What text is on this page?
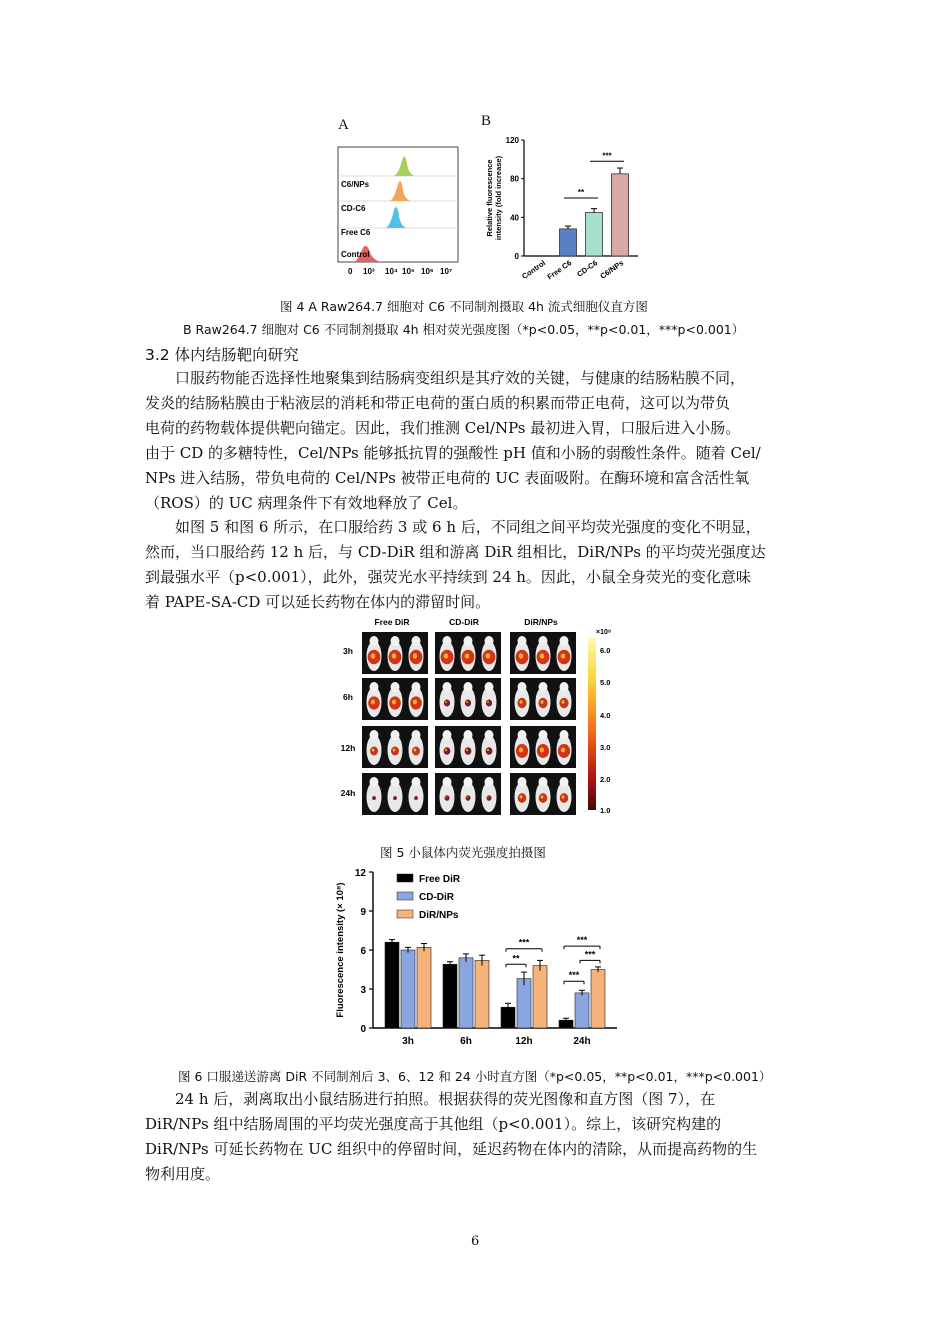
A	B
C6/NPs
CD-C6
Free C6
Control
0 10³ 10⁴ 10⁵ 10⁶ 10⁷
0
40
80
120
Relative fluorescence intensity (fold increase)
Control
Free C6 CD-C6 C6/NPs
**
***
图 4 A Raw264.7 细胞对 C6 不同制剂摄取 4h 流式细胞仪直方图
B Raw264.7 细胞对 C6 不同制剂摄取 4h 相对荧光强度图（*p<0.05，**p<0.01，***p<0.001）
3.2 体内结肠靶向研究
口服药物能否选择性地聚集到结肠病变组织是其疗效的关键，与健康的结肠粘膜不同，
发炎的结肠粘膜由于粘液层的消耗和带正电荷的蛋白质的积累而带正电荷，这可以为带负
电荷的药物载体提供靶向锚定。因此，我们推测 Cel/NPs 最初进入胃，口服后进入小肠。
由于 CD 的多糖特性，Cel/NPs 能够抵抗胃的强酸性 pH 值和小肠的弱酸性条件。随着 Cel/
NPs 进入结肠，带负电荷的 Cel/NPs 被带正电荷的 UC 表面吸附。在酶环境和富含活性氧
（ROS）的 UC 病理条件下有效地释放了 Cel。
如图 5 和图 6 所示，在口服给药 3 或 6 h 后，不同组之间平均荧光强度的变化不明显，
然而，当口服给药 12 h 后，与 CD-DiR 组和游离 DiR 组相比，DiR/NPs 的平均荧光强度达
到最强水平（p<0.001），此外，强荧光水平持续到 24 h。因此，小鼠全身荧光的变化意味
着 PAPE-SA-CD 可以延长药物在体内的滞留时间。
Free DiR	CD-DiR	DiR/NPs
3h
6h
12h
24h
×10⁸
6.0
5.0
4.0
3.0
2.0
1.0
图 5 小鼠体内荧光强度拍摄图
0
3
6
9
12
Fluorescence intensity (× 10⁸)
3h	6h	12h	24h
Free DiR
CD-DiR
DiR/NPs
**
***
***
***
***
图 6 口服递送游离 DiR 不同制剂后 3、6、12 和 24 小时直方图（*p<0.05，**p<0.01，***p<0.001）
24 h 后，剥离取出小鼠结肠进行拍照。根据获得的荧光图像和直方图（图 7），在
DiR/NPs 组中结肠周围的平均荧光强度高于其他组（p<0.001）。综上，该研究构建的
DiR/NPs 可延长药物在 UC 组织中的停留时间，延迟药物在体内的清除，从而提高药物的生
物利用度。
6
